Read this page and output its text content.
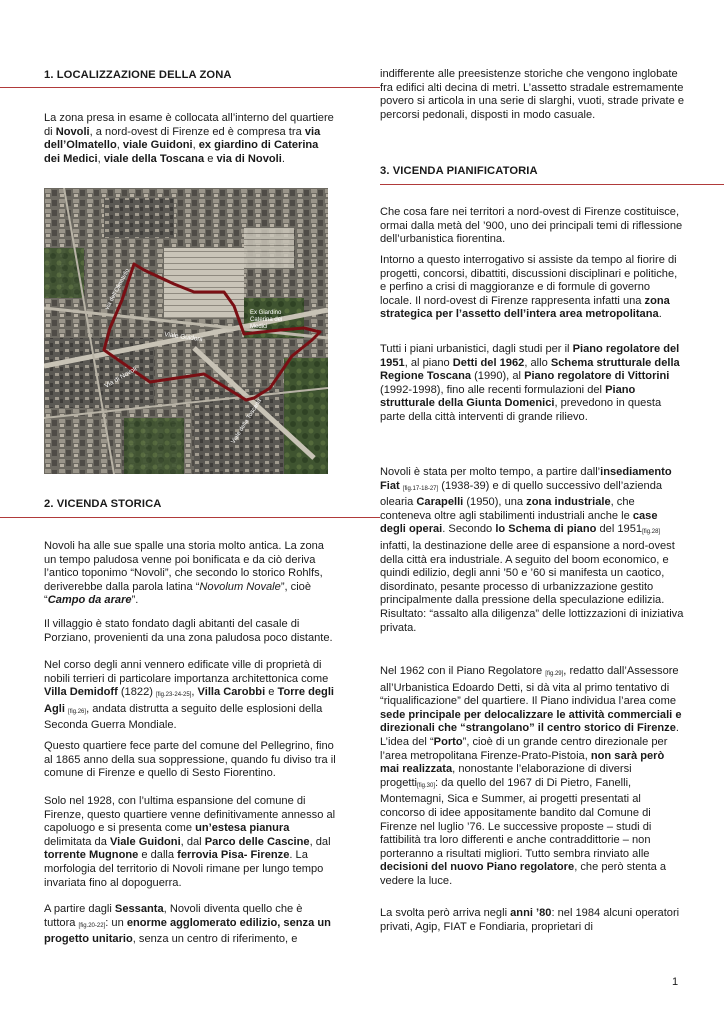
1. LOCALIZZAZIONE DELLA ZONA

La zona presa in esame è collocata all’interno del quartiere di Novoli, a nord-ovest di Firenze ed è compresa tra via dell’Olmatello, viale Guidoni, ex giardino di Caterina dei Medici, viale della Toscana e via di Novoli.

2. VICENDA STORICA

Novoli ha alle sue spalle una storia molto antica. La zona un tempo paludosa venne poi bonificata e da ciò deriva l’antico toponimo “Novoli”, che secondo lo storico Rohlfs, deriverebbe dalla parola latina “Novolum Novale”, cioè “Campo da arare”.

Il villaggio è stato fondato dagli abitanti del casale di Porziano, provenienti da una zona paludosa poco distante.

Nel corso degli anni vennero edificate ville di proprietà di nobili terrieri di particolare importanza architettonica come Villa Demidoff (1822) [fig.23-24-25], Villa Carobbi e Torre degli Agli [fig.26], andata distrutta a seguito delle esplosioni della Seconda Guerra Mondiale.

Questo quartiere fece parte del comune del Pellegrino, fino al 1865 anno della sua soppressione, quando fu diviso tra il comune di Firenze e quello di Sesto Fiorentino.

Solo nel 1928, con l’ultima espansione del comune di Firenze, questo quartiere venne definitivamente annesso al capoluogo e si presenta come un’estesa pianura delimitata da Viale Guidoni, dal Parco delle Cascine, dal torrente Mugnone e dalla ferrovia Pisa- Firenze. La morfologia del territorio di Novoli rimane per lungo tempo invariata fino al dopoguerra.

A partire dagli Sessanta, Novoli diventa quello che è tuttora [fig.20-22]: un enorme agglomerato edilizio, senza un progetto unitario, senza un centro di riferimento, e

via dell’Olmatello
Ex Giardino
Caterina dei
Medici
Viale Guidoni
Via di Novoli
Viale della Toscana

indifferente alle preesistenze storiche che vengono inglobate fra edifici alti decina di metri. L’assetto stradale estremamente povero si articola in una serie di slarghi, vuoti, strade private e percorsi pedonali, disposti in modo casuale.

3. VICENDA PIANIFICATORIA

Che cosa fare nei territori a nord-ovest di Firenze costituisce, ormai dalla metà del ’900, uno dei principali temi di riflessione dell’urbanistica fiorentina.

Intorno a questo interrogativo si assiste da tempo al fiorire di progetti, concorsi, dibattiti, discussioni disciplinari e politiche, e perfino a crisi di maggioranze e di formule di governo locale. Il nord-ovest di Firenze rappresenta infatti una zona strategica per l’assetto dell’intera area metropolitana.

Tutti i piani urbanistici, dagli studi per il Piano regolatore del 1951, al piano Detti del 1962, allo Schema strutturale della Regione Toscana (1990), al Piano regolatore di Vittorini (1992-1998), fino alle recenti formulazioni del Piano strutturale della Giunta Domenici, prevedono in questa parte della città interventi di grande rilievo.

Novoli è stata per molto tempo, a partire dall’insediamento Fiat [fig.17-18-27] (1938-39) e di quello successivo dell’azienda olearia Carapelli (1950), una zona industriale, che conteneva oltre agli stabilimenti industriali anche le case degli operai. Secondo lo Schema di piano del 1951[fig.28] infatti, la destinazione delle aree di espansione a nord-ovest della città era industriale. A seguito del boom economico, e quindi edilizio, degli anni ’50 e ’60 si manifesta un caotico, disordinato, pesante processo di urbanizzazione gestito principalmente dalla pressione della speculazione edilizia. Risultato: “assalto alla diligenza” delle lottizzazioni di iniziativa privata.

Nel 1962 con il Piano Regolatore [fig.29], redatto dall’Assessore all’Urbanistica Edoardo Detti, si dà vita al primo tentativo di “riqualificazione” del quartiere. Il Piano individua l’area come sede principale per delocalizzare le attività commerciali e direzionali che “strangolano” il centro storico di Firenze. L’idea del “Porto”, cioè di un grande centro direzionale per l’area metropolitana Firenze-Prato-Pistoia, non sarà però mai realizzata, nonostante l’elaborazione di diversi progetti[fig.30]: da quello del 1967 di Di Pietro, Fanelli, Montemagni, Sica e Summer, ai progetti presentati al concorso di idee appositamente bandito dal Comune di Firenze nel luglio ’76. Le successive proposte – studi di fattibilità tra loro differenti e anche contraddittorie – non porteranno a risultati migliori. Tutto sembra rinviato alle decisioni del nuovo Piano regolatore, che però stenta a vedere la luce.

La svolta però arriva negli anni ’80: nel 1984 alcuni operatori privati, Agip, FIAT e Fondiaria, proprietari di

1
